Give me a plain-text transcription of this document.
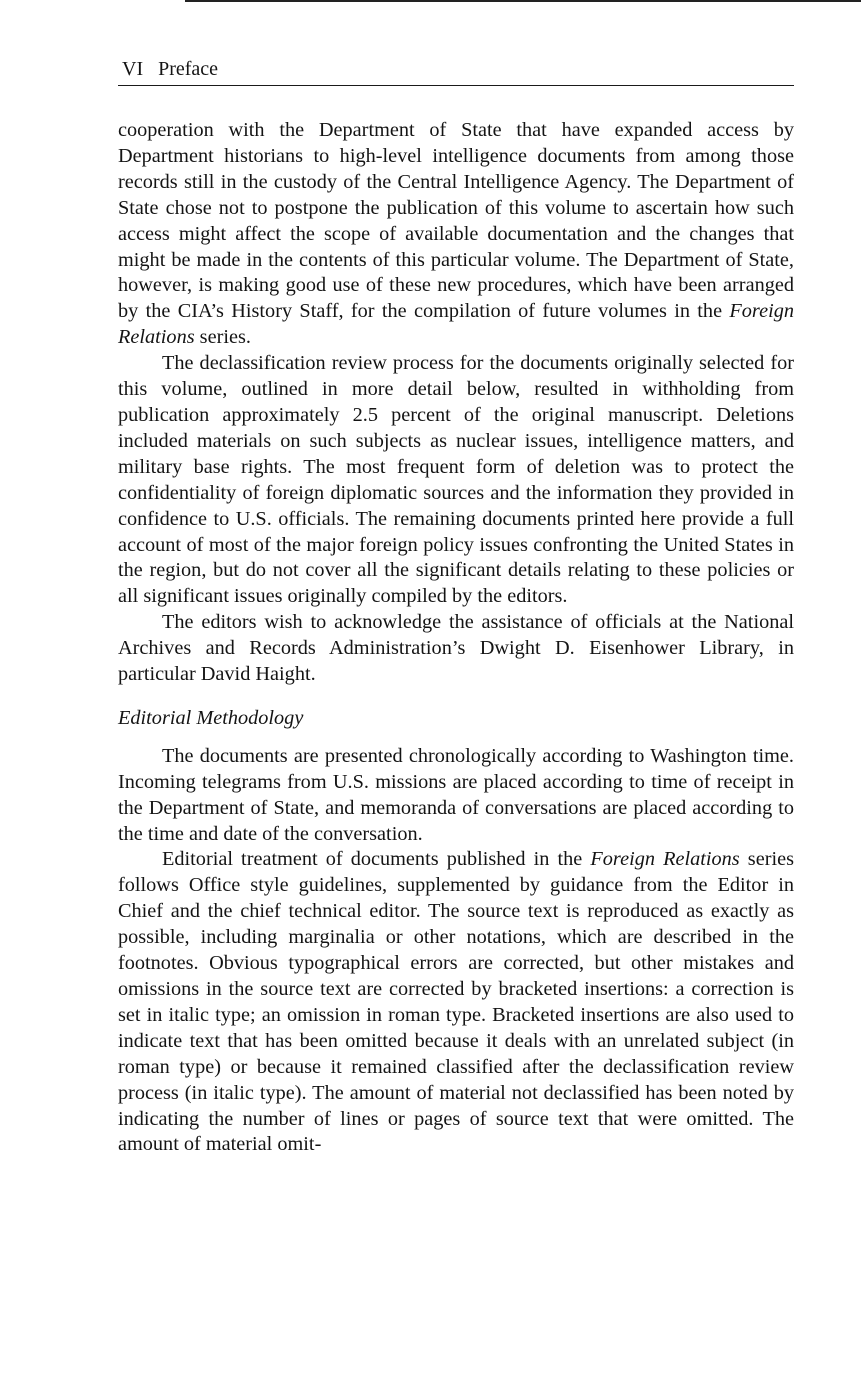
VI Preface

cooperation with the Department of State that have expanded access by Department historians to high-level intelligence documents from among those records still in the custody of the Central Intelligence Agency. The Department of State chose not to postpone the publication of this volume to ascertain how such access might affect the scope of available documentation and the changes that might be made in the contents of this particular volume. The Department of State, however, is making good use of these new procedures, which have been arranged by the CIA’s History Staff, for the compilation of future volumes in the Foreign Relations series.

The declassification review process for the documents originally selected for this volume, outlined in more detail below, resulted in withholding from publication approximately 2.5 percent of the original manuscript. Deletions included materials on such subjects as nuclear issues, intelligence matters, and military base rights. The most frequent form of deletion was to protect the confidentiality of foreign diplomatic sources and the information they provided in confidence to U.S. officials. The remaining documents printed here provide a full account of most of the major foreign policy issues confronting the United States in the region, but do not cover all the significant details relating to these policies or all significant issues originally compiled by the editors.

The editors wish to acknowledge the assistance of officials at the National Archives and Records Administration’s Dwight D. Eisenhower Library, in particular David Haight.

Editorial Methodology

The documents are presented chronologically according to Washington time. Incoming telegrams from U.S. missions are placed according to time of receipt in the Department of State, and memoranda of conversations are placed according to the time and date of the conversation.

Editorial treatment of documents published in the Foreign Relations series follows Office style guidelines, supplemented by guidance from the Editor in Chief and the chief technical editor. The source text is reproduced as exactly as possible, including marginalia or other notations, which are described in the footnotes. Obvious typographical errors are corrected, but other mistakes and omissions in the source text are corrected by bracketed insertions: a correction is set in italic type; an omission in roman type. Bracketed insertions are also used to indicate text that has been omitted because it deals with an unrelated subject (in roman type) or because it remained classified after the declassification review process (in italic type). The amount of material not declassified has been noted by indicating the number of lines or pages of source text that were omitted. The amount of material omit-
